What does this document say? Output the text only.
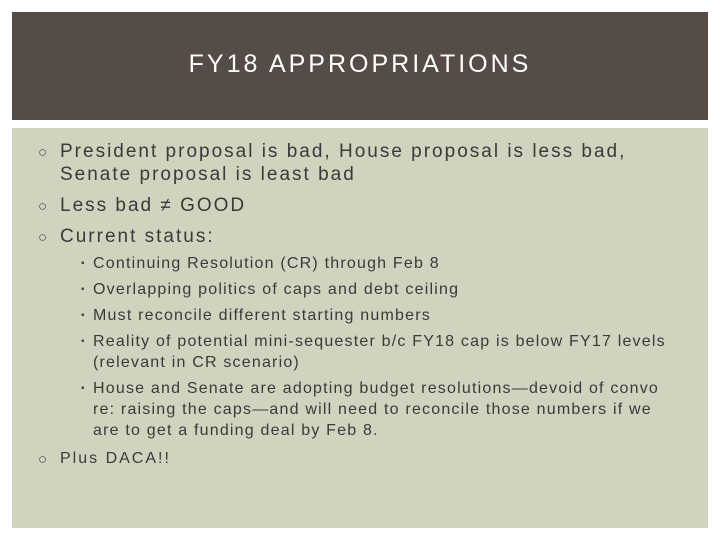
FY18 APPROPRIATIONS
○ President proposal is bad, House proposal is less bad, Senate proposal is least bad
○ Less bad ≠ GOOD
○ Current status:
▪ Continuing Resolution (CR) through Feb 8
▪ Overlapping politics of caps and debt ceiling
▪ Must reconcile different starting numbers
▪ Reality of potential mini-sequester b/c FY18 cap is below FY17 levels (relevant in CR scenario)
▪ House and Senate are adopting budget resolutions—devoid of convo re: raising the caps—and will need to reconcile those numbers if we are to get a funding deal by Feb 8.
○ Plus DACA!!
